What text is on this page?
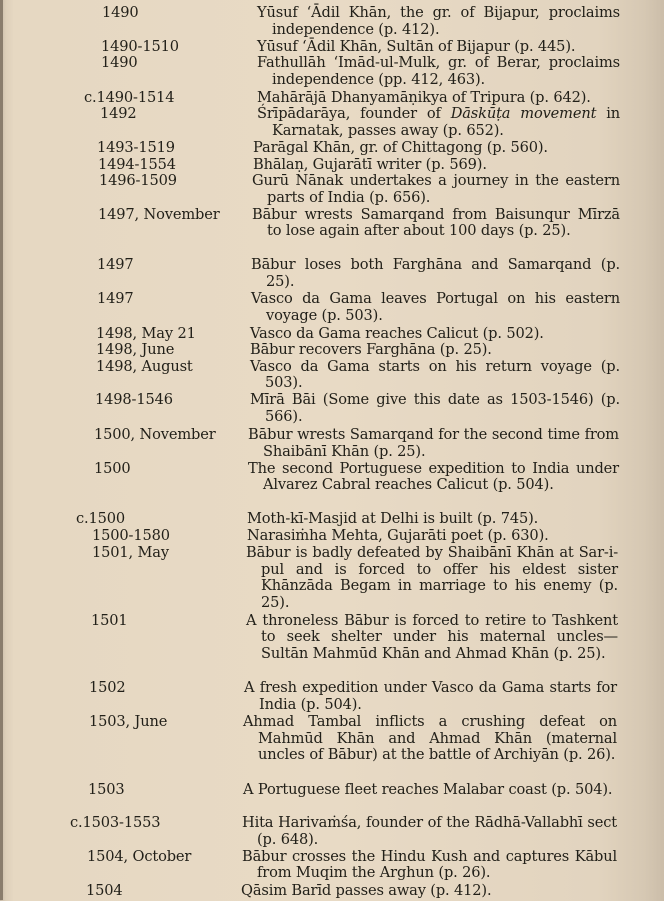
1490	Yūsuf ‘Ādil Khān, the gr. of Bijapur, proclaims independence (p. 412).
1490-1510	Yūsuf ‘Ādil Khān, Sultān of Bijapur (p. 445).
1490	Fathullāh ‘Imād-ul-Mulk, gr. of Berar, proclaims independence (pp. 412, 463).
c.1490-1514	Mahārājā Dhanyamāṇikya of Tripura (p. 642).
1492	Śrīpādarāya, founder of Dāskūṭa movement in Karnatak, passes away (p. 652).
1493-1519	Parāgal Khān, gr. of Chittagong (p. 560).
1494-1554	Bhālaṇ, Gujarātī writer (p. 569).
1496-1509	Gurū Nānak undertakes a journey in the eastern parts of India (p. 656).
1497, November Bābur wrests Samarqand from Baisunqur Mīrzā to lose again after about 100 days (p. 25).
1497	Bābur loses both Farghāna and Samarqand (p. 25).
1497	Vasco da Gama leaves Portugal on his eastern voyage (p. 503).
1498, May 21	Vasco da Gama reaches Calicut (p. 502).
1498, June	Bābur recovers Farghāna (p. 25).
1498, August	Vasco da Gama starts on his return voyage (p. 503).
1498-1546	Mīrā Bāi (Some give this date as 1503-1546) (p. 566).
1500, November Bābur wrests Samarqand for the second time from Shaibānī Khān (p. 25).
1500	The second Portuguese expedition to India under Alvarez Cabral reaches Calicut (p. 504).
c.1500	Moth-kī-Masjid at Delhi is built (p. 745).
1500-1580	Narasiṁha Mehta, Gujarāti poet (p. 630).
1501, May	Bābur is badly defeated by Shaibānī Khān at Sar-i-pul and is forced to offer his eldest sister Khānzāda Begam in marriage to his enemy (p. 25).
1501	A throneless Bābur is forced to retire to Tashkent to seek shelter under his maternal uncles—Sultān Mahmūd Khān and Ahmad Khān (p. 25).
1502	A fresh expedition under Vasco da Gama starts for India (p. 504).
1503, June	Ahmad Tambal inflicts a crushing defeat on Mahmūd Khān and Ahmad Khān (maternal uncles of Bābur) at the battle of Archiyān (p. 26).
1503	A Portuguese fleet reaches Malabar coast (p. 504).
c.1503-1553	Hita Harivaṁśa, founder of the Rādhā-Vallabhī sect (p. 648).
1504, October	Bābur crosses the Hindu Kush and captures Kābul from Muqim the Arghun (p. 26).
1504	Qāsim Barīd passes away (p. 412).
